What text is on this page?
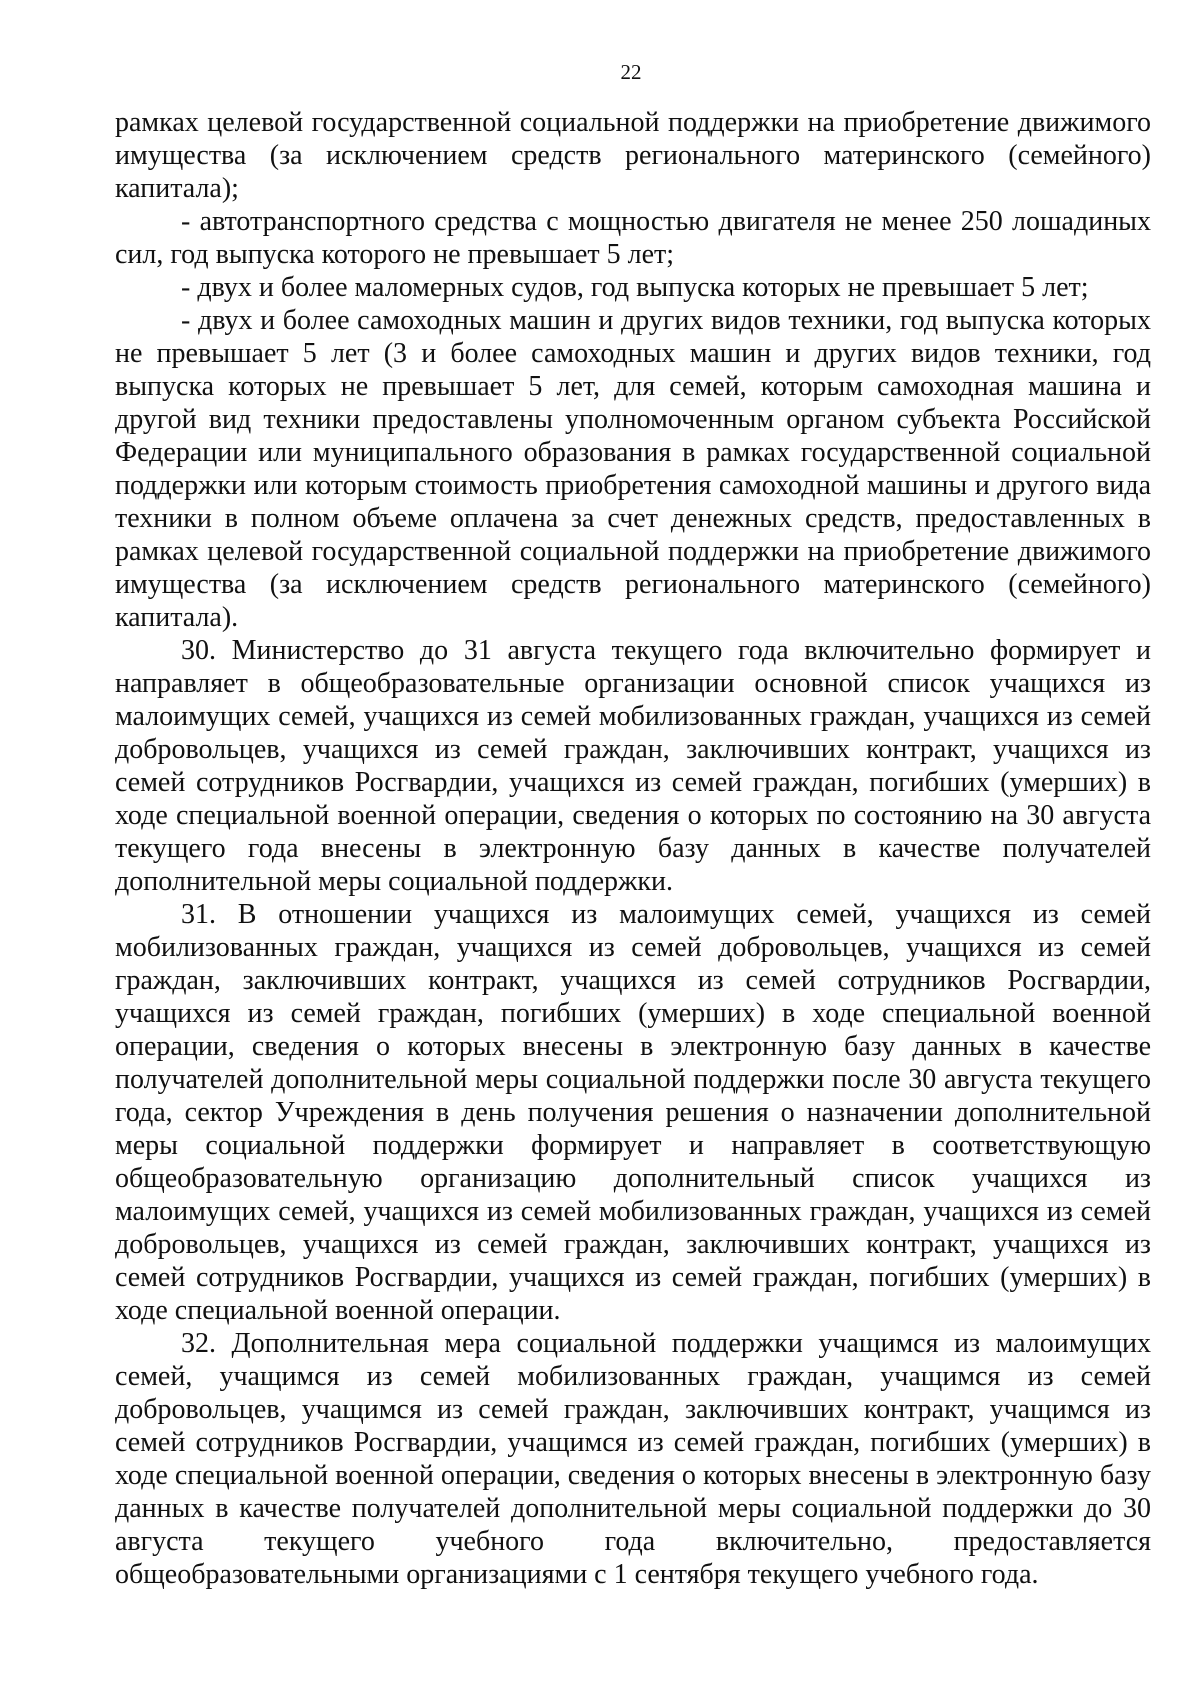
22

рамках целевой государственной социальной поддержки на приобретение движимого имущества (за исключением средств регионального материнского (семейного) капитала);

- автотранспортного средства с мощностью двигателя не менее 250 лошадиных сил, год выпуска которого не превышает 5 лет;

- двух и более маломерных судов, год выпуска которых не превышает 5 лет;

- двух и более самоходных машин и других видов техники, год выпуска которых не превышает 5 лет (3 и более самоходных машин и других видов техники, год выпуска которых не превышает 5 лет, для семей, которым самоходная машина и другой вид техники предоставлены уполномоченным органом субъекта Российской Федерации или муниципального образования в рамках государственной социальной поддержки или которым стоимость приобретения самоходной машины и другого вида техники в полном объеме оплачена за счет денежных средств, предоставленных в рамках целевой государственной социальной поддержки на приобретение движимого имущества (за исключением средств регионального материнского (семейного) капитала).

30. Министерство до 31 августа текущего года включительно формирует и направляет в общеобразовательные организации основной список учащихся из малоимущих семей, учащихся из семей мобилизованных граждан, учащихся из семей добровольцев, учащихся из семей граждан, заключивших контракт, учащихся из семей сотрудников Росгвардии, учащихся из семей граждан, погибших (умерших) в ходе специальной военной операции, сведения о которых по состоянию на 30 августа текущего года внесены в электронную базу данных в качестве получателей дополнительной меры социальной поддержки.

31. В отношении учащихся из малоимущих семей, учащихся из семей мобилизованных граждан, учащихся из семей добровольцев, учащихся из семей граждан, заключивших контракт, учащихся из семей сотрудников Росгвардии, учащихся из семей граждан, погибших (умерших) в ходе специальной военной операции, сведения о которых внесены в электронную базу данных в качестве получателей дополнительной меры социальной поддержки после 30 августа текущего года, сектор Учреждения в день получения решения о назначении дополнительной меры социальной поддержки формирует и направляет в соответствующую общеобразовательную организацию дополнительный список учащихся из малоимущих семей, учащихся из семей мобилизованных граждан, учащихся из семей добровольцев, учащихся из семей граждан, заключивших контракт, учащихся из семей сотрудников Росгвардии, учащихся из семей граждан, погибших (умерших) в ходе специальной военной операции.

32. Дополнительная мера социальной поддержки учащимся из малоимущих семей, учащимся из семей мобилизованных граждан, учащимся из семей добровольцев, учащимся из семей граждан, заключивших контракт, учащимся из семей сотрудников Росгвардии, учащимся из семей граждан, погибших (умерших) в ходе специальной военной операции, сведения о которых внесены в электронную базу данных в качестве получателей дополнительной меры социальной поддержки до 30 августа текущего учебного года включительно, предоставляется общеобразовательными организациями с 1 сентября текущего учебного года.
